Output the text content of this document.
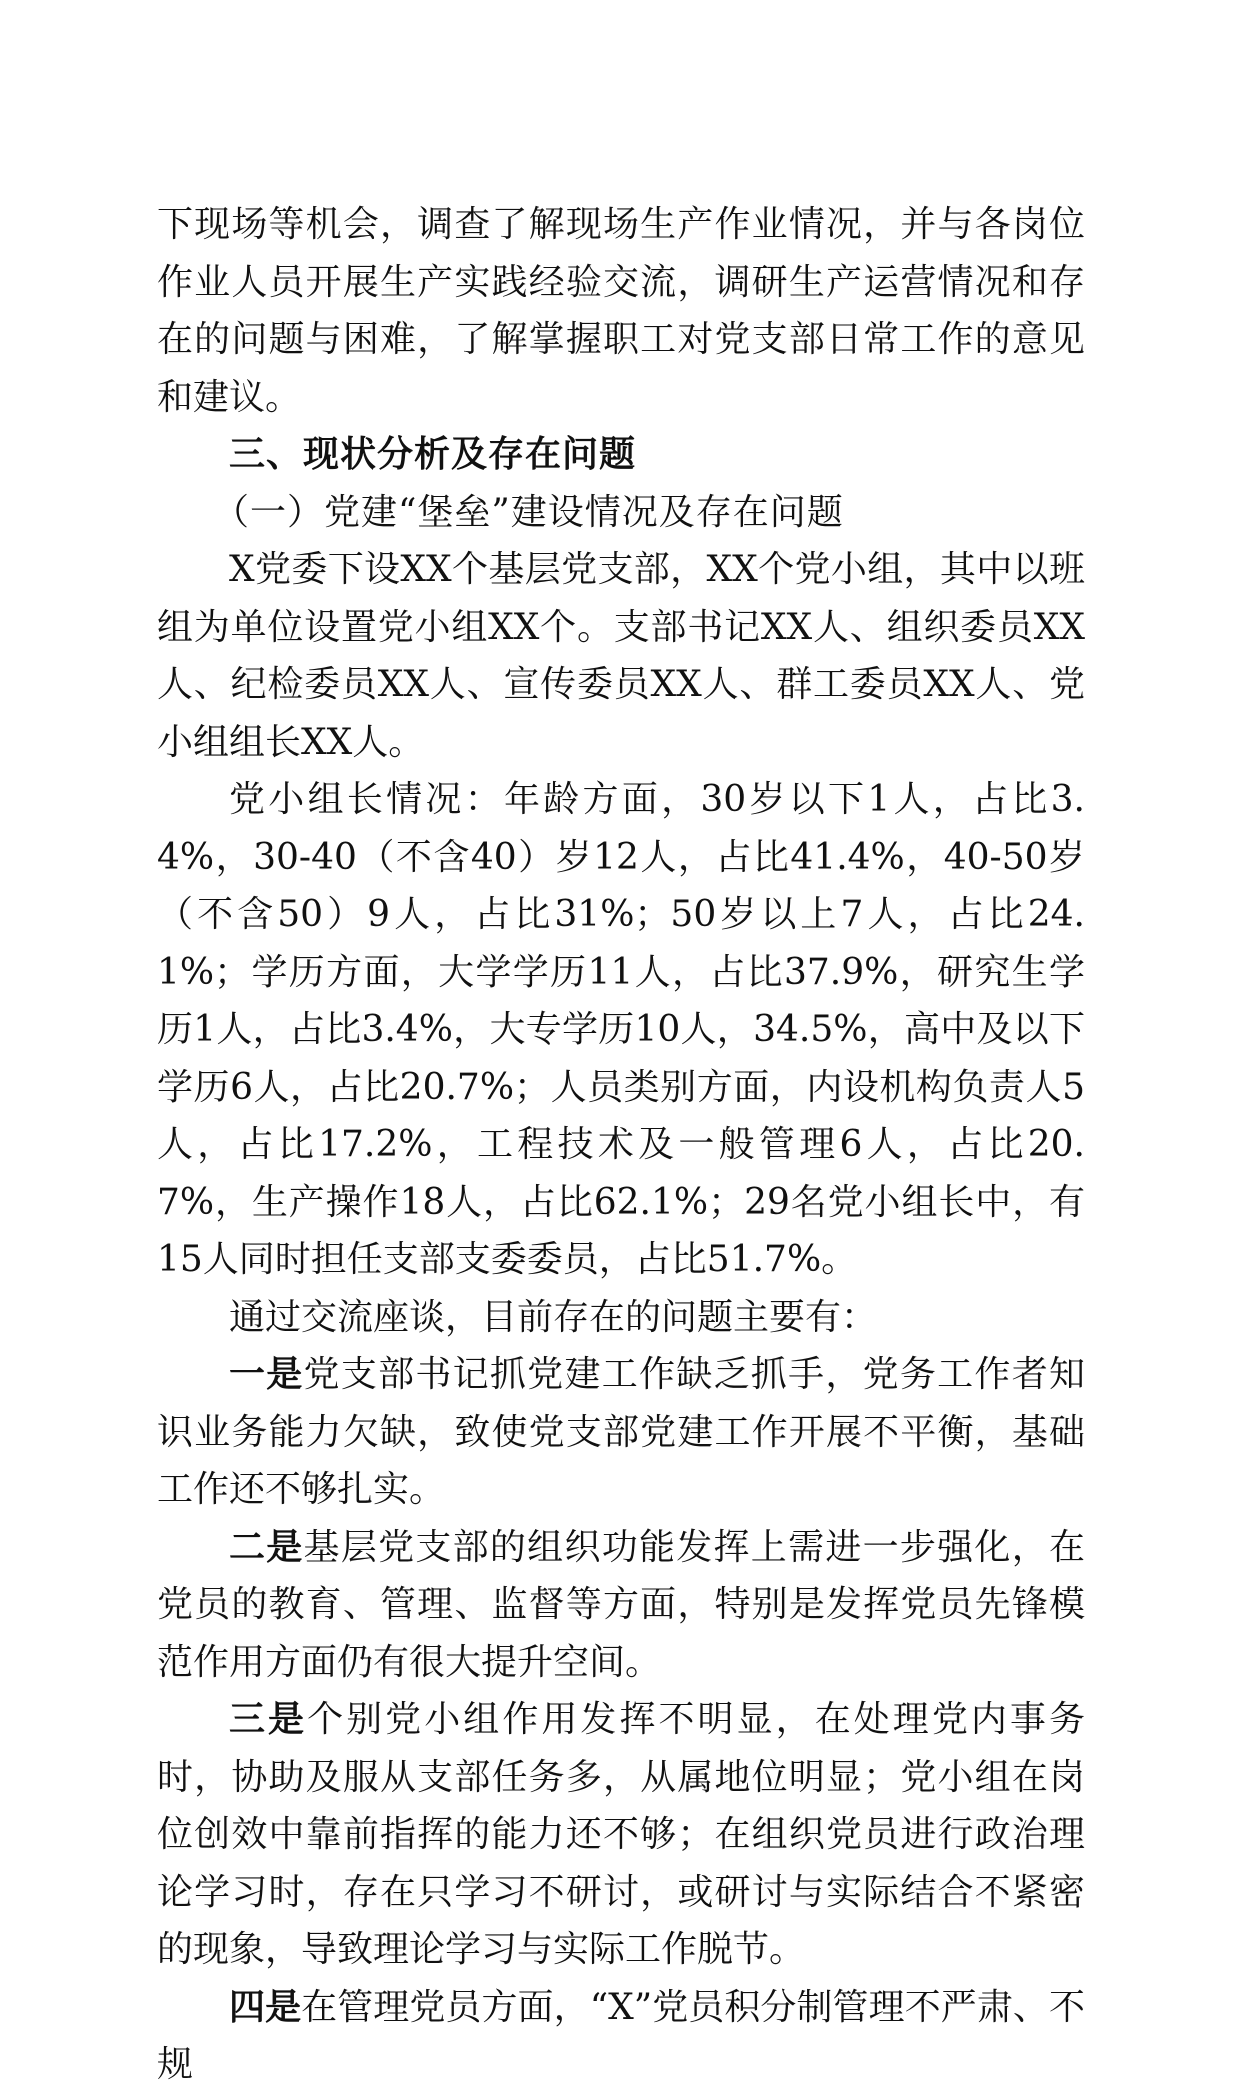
下现场等机会，调查了解现场生产作业情况，并与各岗位作业人员开展生产实践经验交流，调研生产运营情况和存在的问题与困难，了解掌握职工对党支部日常工作的意见和建议。

三、现状分析及存在问题

（一）党建“堡垒”建设情况及存在问题

X党委下设XX个基层党支部，XX个党小组，其中以班组为单位设置党小组XX个。支部书记XX人、组织委员XX人、纪检委员XX人、宣传委员XX人、群工委员XX人、党小组组长XX人。

党小组长情况：年龄方面，30岁以下1人，占比3.4%，30-40（不含40）岁12人，占比41.4%，40-50岁（不含50）9人，占比31%；50岁以上7人，占比24.1%；学历方面，大学学历11人，占比37.9%，研究生学历1人，占比3.4%，大专学历10人，34.5%，高中及以下学历6人，占比20.7%；人员类别方面，内设机构负责人5人，占比17.2%，工程技术及一般管理6人，占比20.7%，生产操作18人，占比62.1%；29名党小组长中，有15人同时担任支部支委委员，占比51.7%。

通过交流座谈，目前存在的问题主要有：

一是党支部书记抓党建工作缺乏抓手，党务工作者知识业务能力欠缺，致使党支部党建工作开展不平衡，基础工作还不够扎实。

二是基层党支部的组织功能发挥上需进一步强化，在党员的教育、管理、监督等方面，特别是发挥党员先锋模范作用方面仍有很大提升空间。

三是个别党小组作用发挥不明显，在处理党内事务时，协助及服从支部任务多，从属地位明显；党小组在岗位创效中靠前指挥的能力还不够；在组织党员进行政治理论学习时，存在只学习不研讨，或研讨与实际结合不紧密的现象，导致理论学习与实际工作脱节。

四是在管理党员方面，“X”党员积分制管理不严肃、不规
